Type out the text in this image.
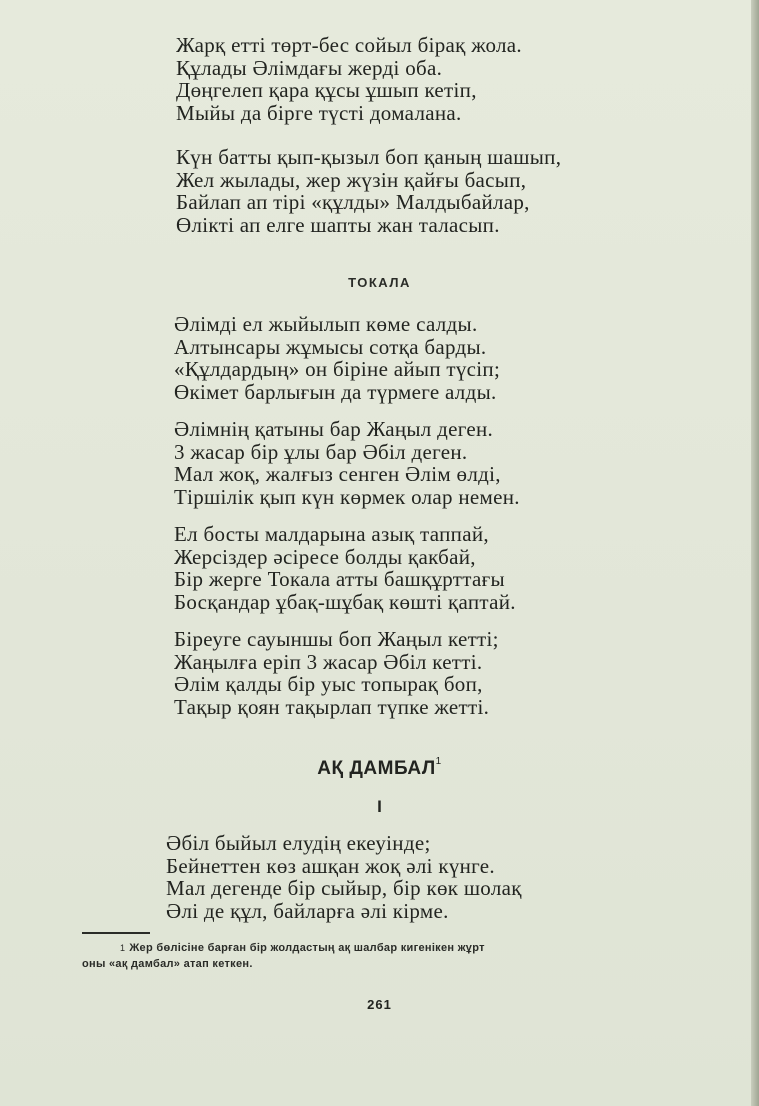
Жарқ етті төрт-бес сойыл бірақ жола.
Құлады Әлімдағы жерді оба.
Дөңгелеп қара құсы ұшып кетіп,
Мыйы да бірге түсті домалана.
Күн батты қып-қызыл боп қаның шашып,
Жел жылады, жер жүзін қайғы басып,
Байлап ап тірі «құлды» Малдыбайлар,
Өлікті ап елге шапты жан таласып.
ТОКАЛА
Әлімді ел жыйылып көме салды.
Алтынсары жұмысы сотқа барды.
«Құлдардың» он біріне айып түсіп;
Өкімет барлығын да түрмеге алды.
Әлімнің қатыны бар Жаңыл деген.
3 жасар бір ұлы бар Әбіл деген.
Мал жоқ, жалғыз сенген Әлім өлді,
Тіршілік қып күн көрмек олар немен.
Ел босты малдарына азық таппай,
Жерсіздер әсіресе болды қакбай,
Бір жерге Токала атты башқұрттағы
Босқандар ұбақ-шұбақ көшті қаптай.
Біреуге сауыншы боп Жаңыл кетті;
Жаңылға еріп 3 жасар Әбіл кетті.
Әлім қалды бір уыс топырақ боп,
Тақыр қоян тақырлап түпке жетті.
АҚ ДАМБАЛ$^1$
I
Әбіл быйыл елудің екеуінде;
Бейнеттен көз ашқан жоқ әлі күнге.
Мал дегенде бір сыйыр, бір көк шолақ
Әлі де құл, байларға әлі кірме.
$^1$ Жер бөлісіне барған бір жолдастың ақ шалбар кигенікен жұрт
оны «ақ дамбал» атап кеткен.
261
